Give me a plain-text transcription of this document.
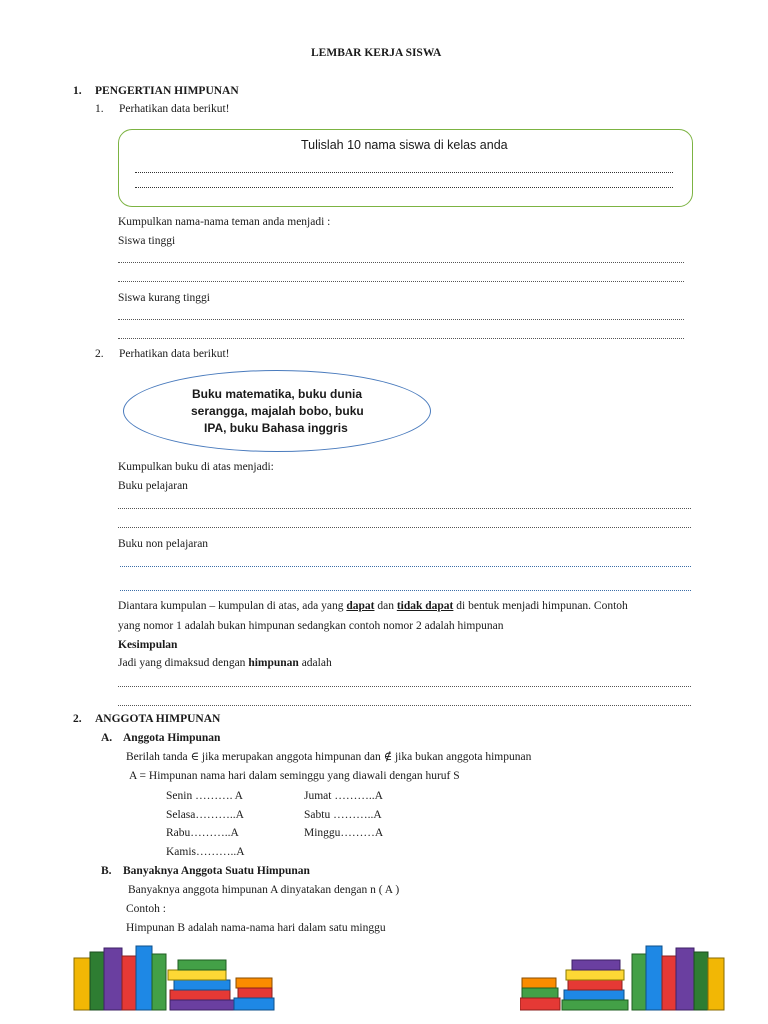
LEMBAR KERJA SISWA
1. PENGERTIAN HIMPUNAN
1. Perhatikan data berikut!
Tulislah 10 nama siswa di kelas anda
Kumpulkan nama-nama teman anda menjadi :
Siswa tinggi
Siswa kurang tinggi
2. Perhatikan data berikut!
Buku matematika, buku dunia
serangga, majalah bobo, buku
IPA, buku Bahasa inggris
Kumpulkan buku di atas menjadi:
Buku pelajaran
Buku non pelajaran
Diantara kumpulan – kumpulan di atas, ada yang dapat dan tidak dapat di bentuk menjadi himpunan. Contoh
yang nomor 1 adalah bukan himpunan sedangkan contoh nomor 2 adalah himpunan
Kesimpulan
Jadi yang dimaksud dengan himpunan adalah
2. ANGGOTA HIMPUNAN
A. Anggota Himpunan
Berilah tanda ∈ jika merupakan anggota himpunan dan ∉ jika bukan anggota himpunan
A = Himpunan nama hari dalam seminggu yang diawali dengan huruf S
Senin ………. A
Selasa………..A
Rabu………..A
Kamis………..A
Jumat ………..A
Sabtu ………..A
Minggu………A
B. Banyaknya Anggota Suatu Himpunan
Banyaknya anggota himpunan A dinyatakan dengan n ( A )
Contoh :
Himpunan B adalah nama-nama hari dalam satu minggu
